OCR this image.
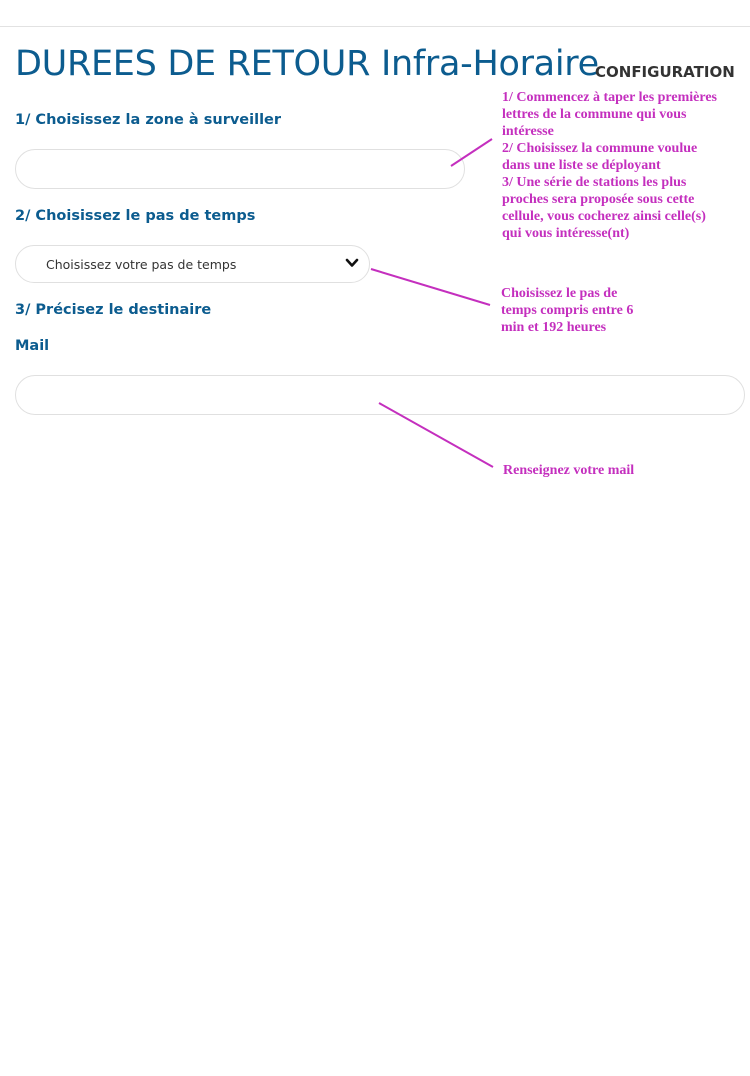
DUREES DE RETOUR Infra-Horaire
CONFIGURATION
1/ Choisissez la zone à surveiller
2/ Choisissez le pas de temps
Choisissez votre pas de temps
3/ Précisez le destinaire
Mail
1/ Commencez à taper les premières
lettres de la commune qui vous
intéresse
2/ Choisissez la commune voulue
dans une liste se déployant
3/ Une série de stations les plus
proches sera proposée sous cette
cellule, vous cocherez ainsi celle(s)
qui vous intéresse(nt)
Choisissez le pas de
temps compris entre 6
min et 192 heures
Renseignez votre mail
